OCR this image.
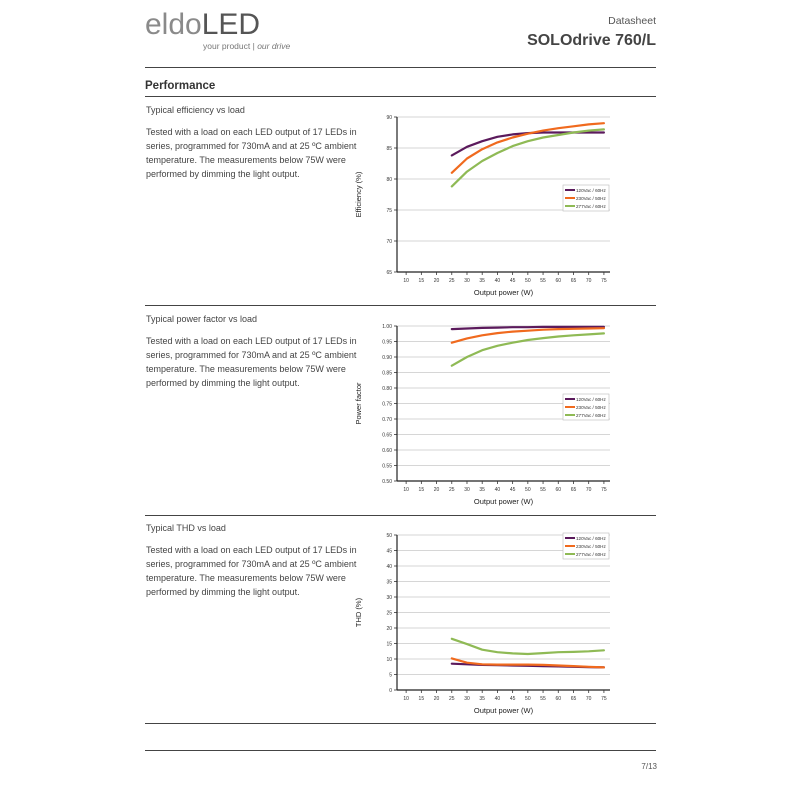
eldoLED
your product | our drive
Datasheet
SOLOdrive 760/L
Performance
Typical efficiency vs load
Tested with a load on each LED output of 17 LEDs in series, programmed for 730mA and at 25 ºC ambient temperature. The measurements below 75W were performed by dimming the light output.
90
85
80
75
70
65
10 15 20 25 30 35 40 45 50 55 60 65 70 75
Output power (W)
Efficiency (%)	120Vac / 60Hz
230Vac / 50Hz
277Vac / 60Hz
Typical power factor vs load
Tested with a load on each LED output of 17 LEDs in series, programmed for 730mA and at 25 ºC ambient temperature. The measurements below 75W were performed by dimming the light output.
1.00
0.95
0.90
0.85
0.80
0.75
0.70
0.65
0.60
0.55
0.50
10 15 20 25 30 35 40 45 50 55 60 65 70 75
Output power (W)
Power factor	120Vac / 60Hz
230Vac / 50Hz
277Vac / 60Hz
Typical THD vs load
Tested with a load on each LED output of 17 LEDs in series, programmed for 730mA and at 25 ºC ambient temperature. The measurements below 75W were performed by dimming the light output.
50
45
40
35
30
25
20
15
10
5
0
10 15 20 25 30 35 40 45 50 55 60 65 70 75
Output power (W)
THD (%)
120Vac / 60Hz
230Vac / 50Hz
277Vac / 60Hz
7/13
